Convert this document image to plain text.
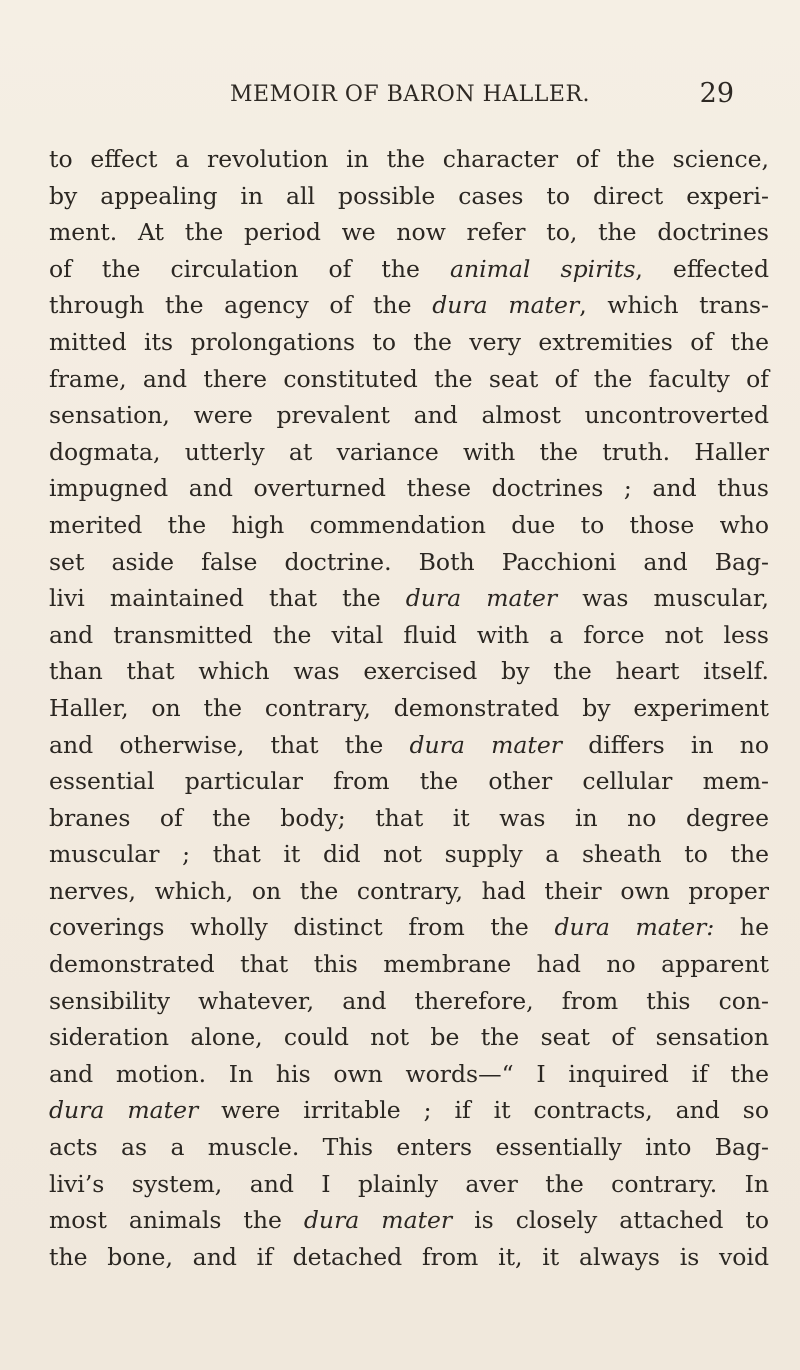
MEMOIR OF BARON HALLER.	29
to effect a revolution in the character of the science,
by appealing in all possible cases to direct experi-
ment. At the period we now refer to, the doctrines
of the circulation of the animal spirits, effected
through the agency of the dura mater, which trans-
mitted its prolongations to the very extremities of the
frame, and there constituted the seat of the faculty of
sensation, were prevalent and almost uncontroverted
dogmata, utterly at variance with the truth. Haller
impugned and overturned these doctrines ; and thus
merited the high commendation due to those who
set aside false doctrine. Both Pacchioni and Bag-
livi maintained that the dura mater was muscular,
and transmitted the vital fluid with a force not less
than that which was exercised by the heart itself.
Haller, on the contrary, demonstrated by experiment
and otherwise, that the dura mater differs in no
essential particular from the other cellular mem-
branes of the body; that it was in no degree
muscular ; that it did not supply a sheath to the
nerves, which, on the contrary, had their own proper
coverings wholly distinct from the dura mater: he
demonstrated that this membrane had no apparent
sensibility whatever, and therefore, from this con-
sideration alone, could not be the seat of sensation
and motion. In his own words—“ I inquired if the
dura mater were irritable ; if it contracts, and so
acts as a muscle. This enters essentially into Bag-
livi’s system, and I plainly aver the contrary. In
most animals the dura mater is closely attached to
the bone, and if detached from it, it always is void
